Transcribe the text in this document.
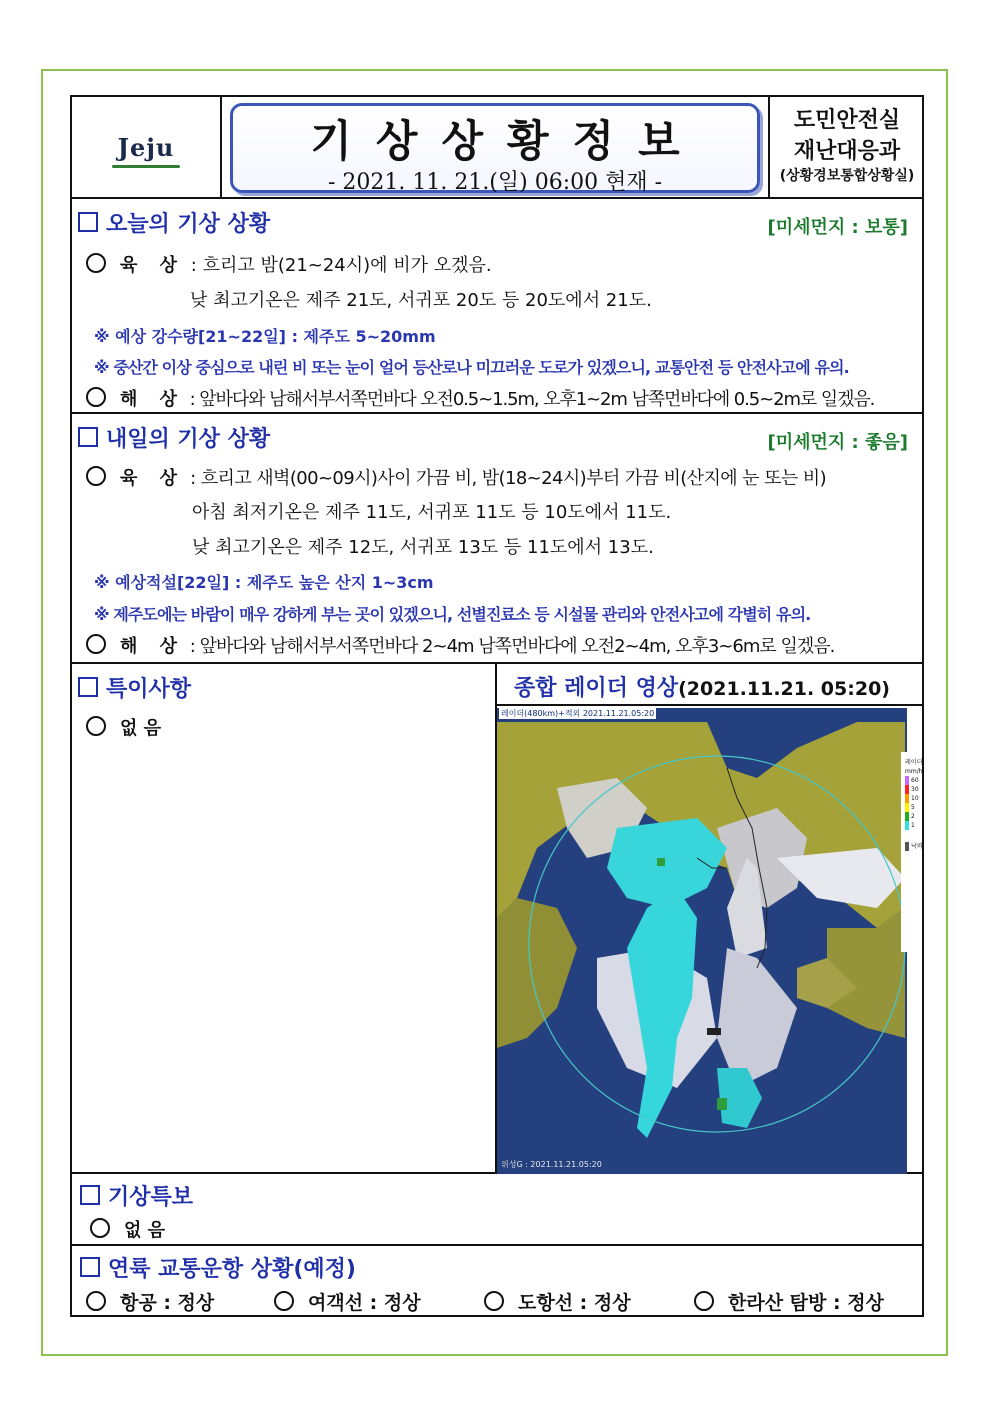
Jeju	기상상황정보
- 2021. 11. 21.(일) 06:00 현재 -
도민안전실
재난대응과
(상황경보통합상황실)
오늘의 기상 상황	[미세먼지 : 보통]
육 상 : 흐리고 밤(21~24시)에 비가 오겠음.
낮 최고기온은 제주 21도, 서귀포 20도 등 20도에서 21도.
※ 예상 강수량[21~22일] : 제주도 5~20mm
※ 중산간 이상 중심으로 내린 비 또는 눈이 얼어 등산로나 미끄러운 도로가 있겠으니, 교통안전 등 안전사고에 유의.
해 상 : 앞바다와 남해서부서쪽먼바다 오전0.5~1.5m, 오후1~2m 남쪽먼바다에 0.5~2m로 일겠음.
내일의 기상 상황	[미세먼지 : 좋음]
육 상 : 흐리고 새벽(00~09시)사이 가끔 비, 밤(18~24시)부터 가끔 비(산지에 눈 또는 비)
아침 최저기온은 제주 11도, 서귀포 11도 등 10도에서 11도.
낮 최고기온은 제주 12도, 서귀포 13도 등 11도에서 13도.
※ 예상적설[22일] : 제주도 높은 산지 1~3cm
※ 제주도에는 바람이 매우 강하게 부는 곳이 있겠으니, 선별진료소 등 시설물 관리와 안전사고에 각별히 유의.
해 상 : 앞바다와 남해서부서쪽먼바다 2~4m 남쪽먼바다에 오전2~4m, 오후3~6m로 일겠음.
특이사항
없 음
종합 레이더 영상(2021.11.21. 05:20)
레이더(480km)+적외 2021.11.21.05:20
위성G : 2021.11.21.05:20
레이더
mm/h
60
30
10
5
2
1
낙뢰
기상특보
없 음
연륙 교통운항 상황(예정)
항공 : 정상	여객선 : 정상	도항선 : 정상	한라산 탐방 : 정상
